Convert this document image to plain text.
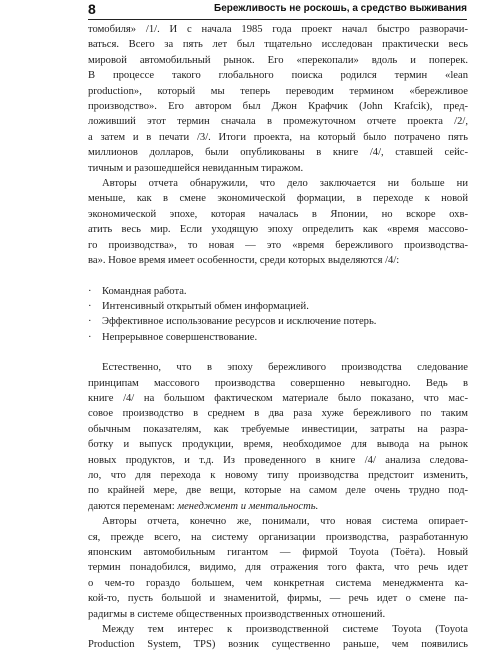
8	Бережливость не роскошь, а средство выживания

томобиля» /1/. И с начала 1985 года проект начал быстро разворачи-

ваться. Всего за пять лет был тщательно исследован практически весь

мировой автомобильный рынок. Его «перекопали» вдоль и поперек.

В процессе такого глобального поиска родился термин «lean

production», который мы теперь переводим термином «бережливое

производство». Его автором был Джон Крафчик (John Krafcik), пред-

ложивший этот термин сначала в промежуточном отчете проекта /2/,

а затем и в печати /3/. Итоги проекта, на который было потрачено пять

миллионов долларов, были опубликованы в книге /4/, ставшей сейс-

тичным и разошедшейся невиданным тиражом.

Авторы отчета обнаружили, что дело заключается ни больше ни

меньше, как в смене экономической формации, в переходе к новой

экономической эпохе, которая началась в Японии, но вскоре охв-

атить весь мир. Если уходящую эпоху определить как «время массово-

го производства», то новая — это «время бережливого производства-

ва». Новое время имеет особенности, среди которых выделяются /4/:

· Командная работа.
· Интенсивный открытый обмен информацией.
· Эффективное использование ресурсов и исключение потерь.
· Непрерывное совершенствование.

Естественно, что в эпоху бережливого производства следование

принципам массового производства совершенно невыгодно. Ведь в

книге /4/ на большом фактическом материале было показано, что мас-

совое производство в среднем в два раза хуже бережливого по таким

обычным показателям, как требуемые инвестиции, затраты на разра-

ботку и выпуск продукции, время, необходимое для вывода на рынок

новых продуктов, и т.д. Из проведенного в книге /4/ анализа следова-

ло, что для перехода к новому типу производства предстоит изменить,

по крайней мере, две вещи, которые на самом деле очень трудно под-

даются переменам: менеджмент и ментальность.

Авторы отчета, конечно же, понимали, что новая система опирает-

ся, прежде всего, на систему организации производства, разработанную

японским автомобильным гигантом — фирмой Toyota (Тоёта). Новый

термин понадобился, видимо, для отражения того факта, что речь идет

о чем-то гораздо большем, чем конкретная система менеджмента ка-

кой-то, пусть большой и знаменитой, фирмы, — речь идет о смене па-

радигмы в системе общественных производственных отношений.

Между тем интерес к производственной системе Toyota (Toyota

Production System, TPS) возник существенно раньше, чем появились
